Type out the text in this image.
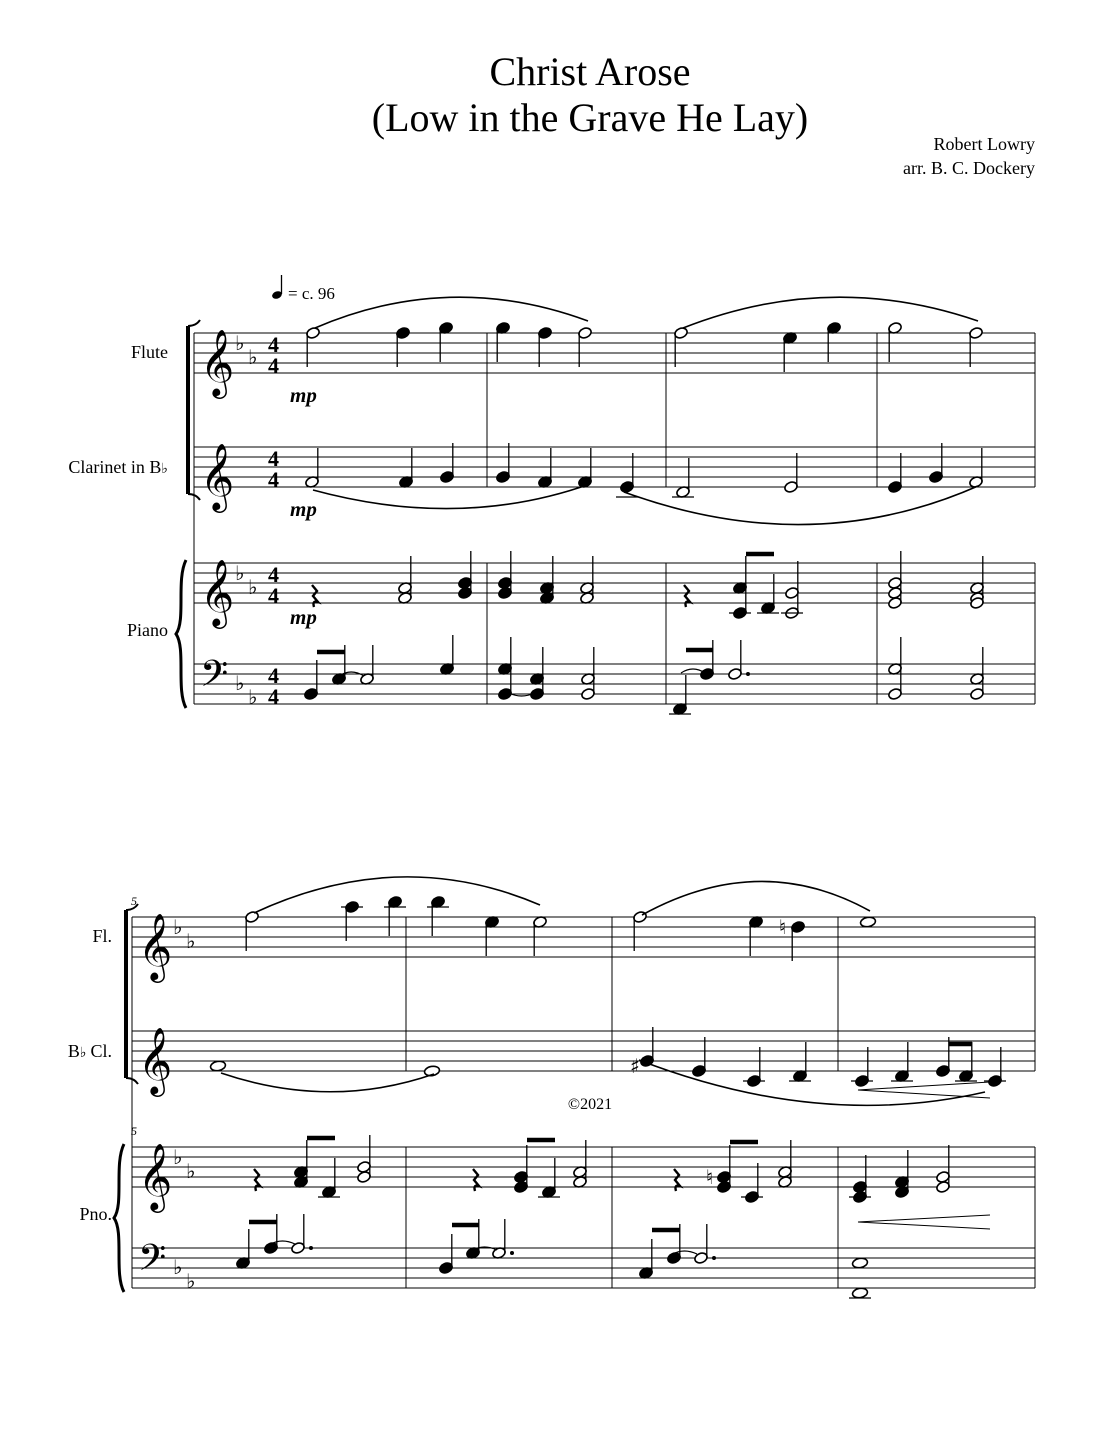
Christ Arose
(Low in the Grave He Lay)
Robert Lowry
arr. B. C. Dockery
©2021
𝄞
𝄞
𝄞
𝄢
♭
♭
♭
♭
♭
♭
4
4
4
4
4
4
4
4
𝄞
𝄞
𝄞
𝄢
♭
♭
♭
♭
♭
♭
Flute
Clarinet in B♭
Piano
Fl.
B♭ Cl.
Pno.
5
5
= c. 96
mp
mp
mp
♮
♯
♮
